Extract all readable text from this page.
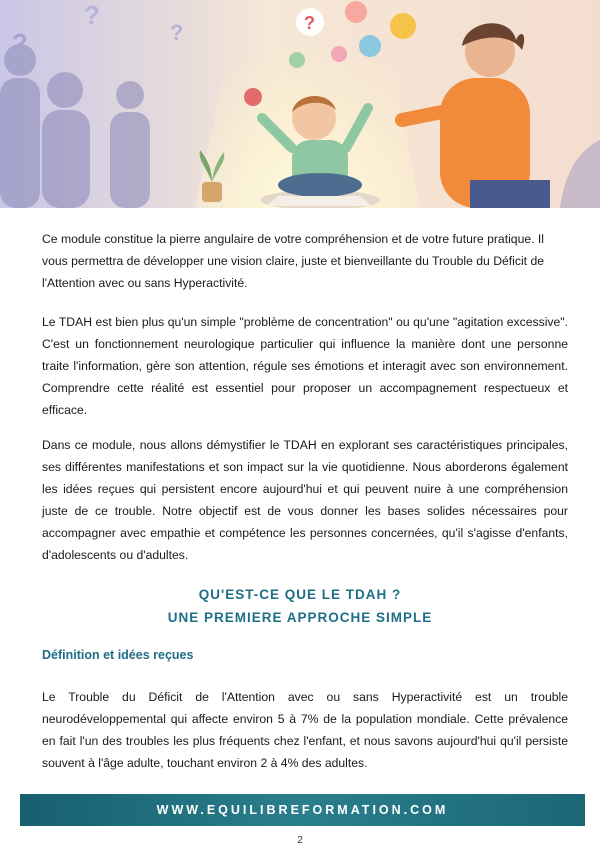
?
?
?	?

Ce module constitue la pierre angulaire de votre compréhension et de votre future pratique. Il vous permettra de développer une vision claire, juste et bienveillante du Trouble du Déficit de l'Attention avec ou sans Hyperactivité.

Le TDAH est bien plus qu'un simple "problème de concentration" ou qu'une "agitation excessive". C'est un fonctionnement neurologique particulier qui influence la manière dont une personne traite l'information, gère son attention, régule ses émotions et interagit avec son environnement. Comprendre cette réalité est essentiel pour proposer un accompagnement respectueux et efficace.

Dans ce module, nous allons démystifier le TDAH en explorant ses caractéristiques principales, ses différentes manifestations et son impact sur la vie quotidienne. Nous aborderons également les idées reçues qui persistent encore aujourd'hui et qui peuvent nuire à une compréhension juste de ce trouble. Notre objectif est de vous donner les bases solides nécessaires pour accompagner avec empathie et compétence les personnes concernées, qu'il s'agisse d'enfants, d'adolescents ou d'adultes.

QU'EST-CE QUE LE TDAH ?
UNE PREMIERE APPROCHE SIMPLE
Définition et idées reçues

Le Trouble du Déficit de l'Attention avec ou sans Hyperactivité est un trouble neurodéveloppemental qui affecte environ 5 à 7% de la population mondiale. Cette prévalence en fait l'un des troubles les plus fréquents chez l'enfant, et nous savons aujourd'hui qu'il persiste souvent à l'âge adulte, touchant environ 2 à 4% des adultes.

WWW.EQUILIBREFORMATION.COM
2
